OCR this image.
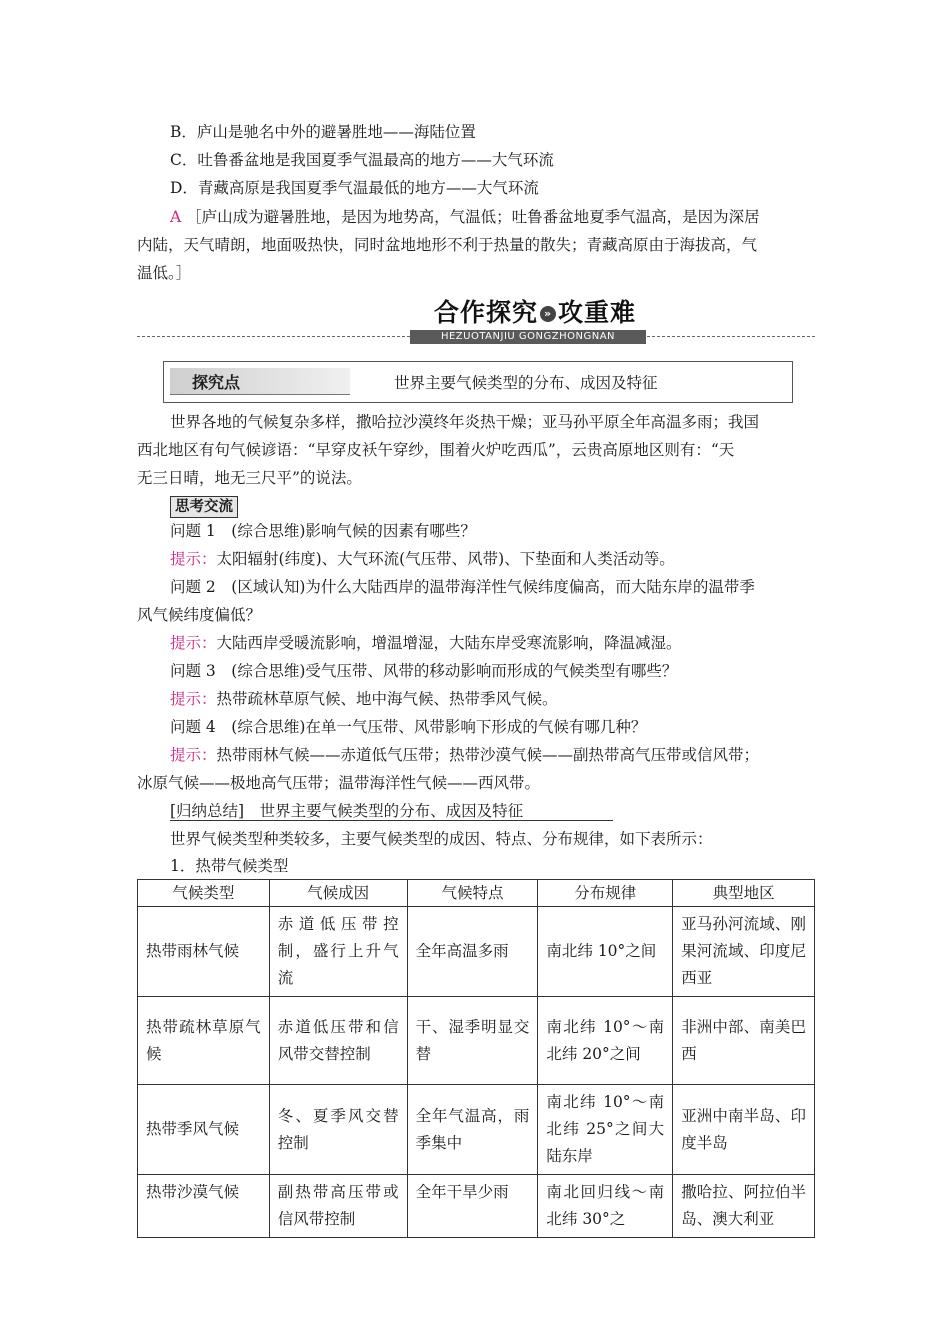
B．庐山是驰名中外的避暑胜地——海陆位置
C．吐鲁番盆地是我国夏季气温最高的地方——大气环流
D．青藏高原是我国夏季气温最低的地方——大气环流
A ［庐山成为避暑胜地，是因为地势高，气温低；吐鲁番盆地夏季气温高，是因为深居
内陆，天气晴朗，地面吸热快，同时盆地地形不利于热量的散失；青藏高原由于海拔高，气
温低。］
合作探究 » 攻重难
HEZUOTANJIU GONGZHONGNAN
探究点	世界主要气候类型的分布、成因及特征
世界各地的气候复杂多样，撒哈拉沙漠终年炎热干燥；亚马孙平原全年高温多雨；我国
西北地区有句气候谚语：“早穿皮袄午穿纱，围着火炉吃西瓜”，云贵高原地区则有：“天
无三日晴，地无三尺平”的说法。
思考交流
问题 1　(综合思维)影响气候的因素有哪些？
提示：太阳辐射(纬度)、大气环流(气压带、风带)、下垫面和人类活动等。
问题 2　(区域认知)为什么大陆西岸的温带海洋性气候纬度偏高，而大陆东岸的温带季
风气候纬度偏低？
提示：大陆西岸受暖流影响，增温增湿，大陆东岸受寒流影响，降温减湿。
问题 3　(综合思维)受气压带、风带的移动影响而形成的气候类型有哪些？
提示：热带疏林草原气候、地中海气候、热带季风气候。
问题 4　(综合思维)在单一气压带、风带影响下形成的气候有哪几种？
提示：热带雨林气候——赤道低气压带；热带沙漠气候——副热带高气压带或信风带；
冰原气候——极地高气压带；温带海洋性气候——西风带。
[归纳总结]　世界主要气候类型的分布、成因及特征
世界气候类型种类较多，主要气候类型的成因、特点、分布规律，如下表所示：
1．热带气候类型
气候类型	气候成因	气候特点	分布规律	典型地区
热带雨林气候	赤道低压带控制，盛行上升气流	全年高温多雨	南北纬 10°之间	亚马孙河流域、刚果河流域、印度尼西亚
热带疏林草原气候	赤道低压带和信风带交替控制	干、湿季明显交替	南北纬 10°～南北纬 20°之间	非洲中部、南美巴西
热带季风气候	冬、夏季风交替控制	全年气温高，雨季集中	南北纬 10°～南北纬 25°之间大陆东岸	亚洲中南半岛、印度半岛
热带沙漠气候	副热带高压带或信风带控制	全年干旱少雨	南北回归线～南北纬 30°之	撒哈拉、阿拉伯半岛、澳大利亚
